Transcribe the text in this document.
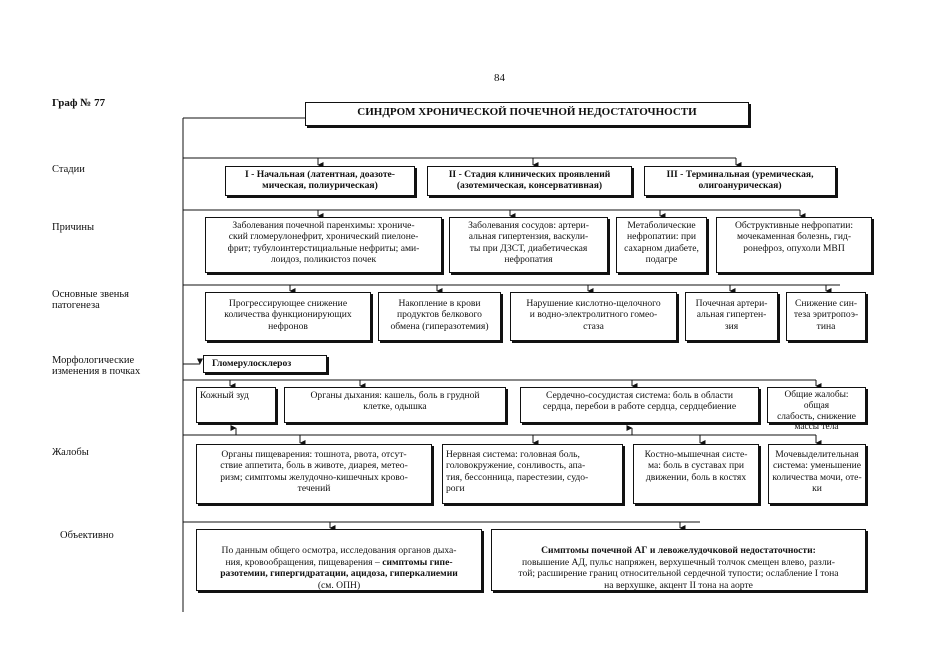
84
Граф № 77
СИНДРОМ ХРОНИЧЕСКОЙ ПОЧЕЧНОЙ НЕДОСТАТОЧНОСТИ
Стадии
Причины
Основные звенья
патогенеза
Морфологические
изменения в почках
Жалобы
Объективно
I - Начальная (латентная, доазоте-
мическая, полиурическая)
II - Стадия клинических проявлений
(азотемическая, консервативная)
III - Терминальная (уремическая,
олигоанурическая)
Заболевания почечной паренхимы: хрониче-
ский гломерулонефрит, хронический пиелоне-
фрит; тубулоинтерстициальные нефриты; ами-
лоидоз, поликистоз почек
Заболевания сосудов: артери-
альная гипертензия, васкули-
ты при ДЗСТ, диабетическая
нефропатия
Метаболические
нефропатии: при
сахарном диабете,
подагре
Обструктивные нефропатии:
мочекаменная болезнь, гид-
ронефроз, опухоли МВП
Прогрессирующее снижение
количества функционирующих
нефронов
Накопление в крови
продуктов белкового
обмена (гиперазотемия)
Нарушение кислотно-щелочного
и водно-электролитного гомео-
стаза
Почечная артери-
альная гипертен-
зия
Снижение син-
теза эритропоэ-
тина
Гломерулосклероз
Кожный зуд	Органы дыхания: кашель, боль в грудной
клетке, одышка
Сердечно-сосудистая система: боль в области
сердца, перебои в работе сердца, сердцебиение
Общие жалобы: общая
слабость, снижение
массы тела
Органы пищеварения: тошнота, рвота, отсут-
ствие аппетита, боль в животе, диарея, метео-
ризм; симптомы желудочно-кишечных крово-
течений
Нервная система: головная боль,
головокружение, сонливость, апа-
тия, бессонница, парестезии, судо-
роги
Костно-мышечная систе-
ма: боль в суставах при
движении, боль в костях
Мочевыделительная
система: уменьшение
количества мочи, оте-
ки

По данным общего осмотра, исследования органов дыха-
ния, кровообращения, пищеварения – симптомы гипе-
разотемии, гипергидратации, ацидоза, гиперкалиемии
(см. ОПН)

Симптомы почечной АГ и левожелудочковой недостаточности:
повышение АД, пульс напряжен, верхушечный толчок смещен влево, разли-
той; расширение границ относительной сердечной тупости; ослабление I тона
на верхушке, акцент II тона на аорте
